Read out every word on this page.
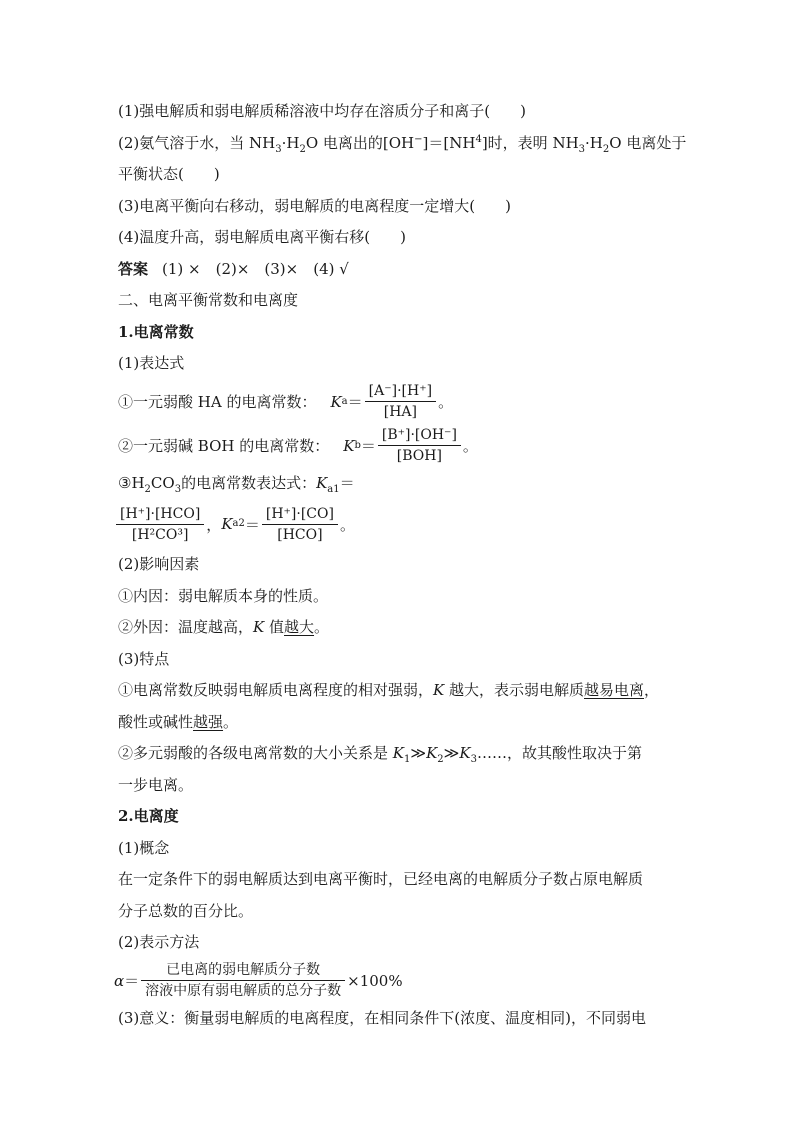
(1)强电解质和弱电解质稀溶液中均存在溶质分子和离子( )
(2)氨气溶于水，当 $NH_3\cdot H_2O$ 电离出的$[OH^-]=[NH^4]$时，表明 $NH_3\cdot H_2O$ 电离处于
平衡状态( )
(3)电离平衡向右移动，弱电解质的电离程度一定增大( )
(4)温度升高，弱电解质电离平衡右移( )
答案 (1) ×　(2)×　(3)×　(4) √
二、电离平衡常数和电离度
1.电离常数
(1)表达式
①一元弱酸 HA 的电离常数： K $a = \frac{[A^-]\cdot[H^+]}{[HA]}$ 。
②一元弱碱 BOH 的电离常数： K $b = \frac{[B^+]\cdot[OH^-]}{\text{[BOH]}}$ 。
$③H_2CO_3$的电离常数表达式：$K_{a1}=$
$\frac{\text{[H⁺]·[HCO]}}{\text{[H²CO³]}}$ ， K $a2 = \frac{[H^+]\cdot[CO]}{\text{[HCO]}}$ 。
(2)影响因素
①内因：弱电解质本身的性质。
②外因：温度越高，K 值越大。
(3)特点
①电离常数反映弱电解质电离程度的相对强弱，K 越大，表示弱电解质越易电离，
酸性或碱性越强。
②多元弱酸的各级电离常数的大小关系是 $K_1≫K_2≫K_3\dots\dots$，故其酸性取决于第
一步电离。
2.电离度
(1)概念
在一定条件下的弱电解质达到电离平衡时，已经电离的电解质分子数占原电解质
分子总数的百分比。
(2)表示方法
$\alpha = \frac{\text{已电离的弱电解质分子数}}{\text{溶液中原有弱电解质的总分子数}} \times 100\%$
(3)意义：衡量弱电解质的电离程度，在相同条件下(浓度、温度相同)，不同弱电
